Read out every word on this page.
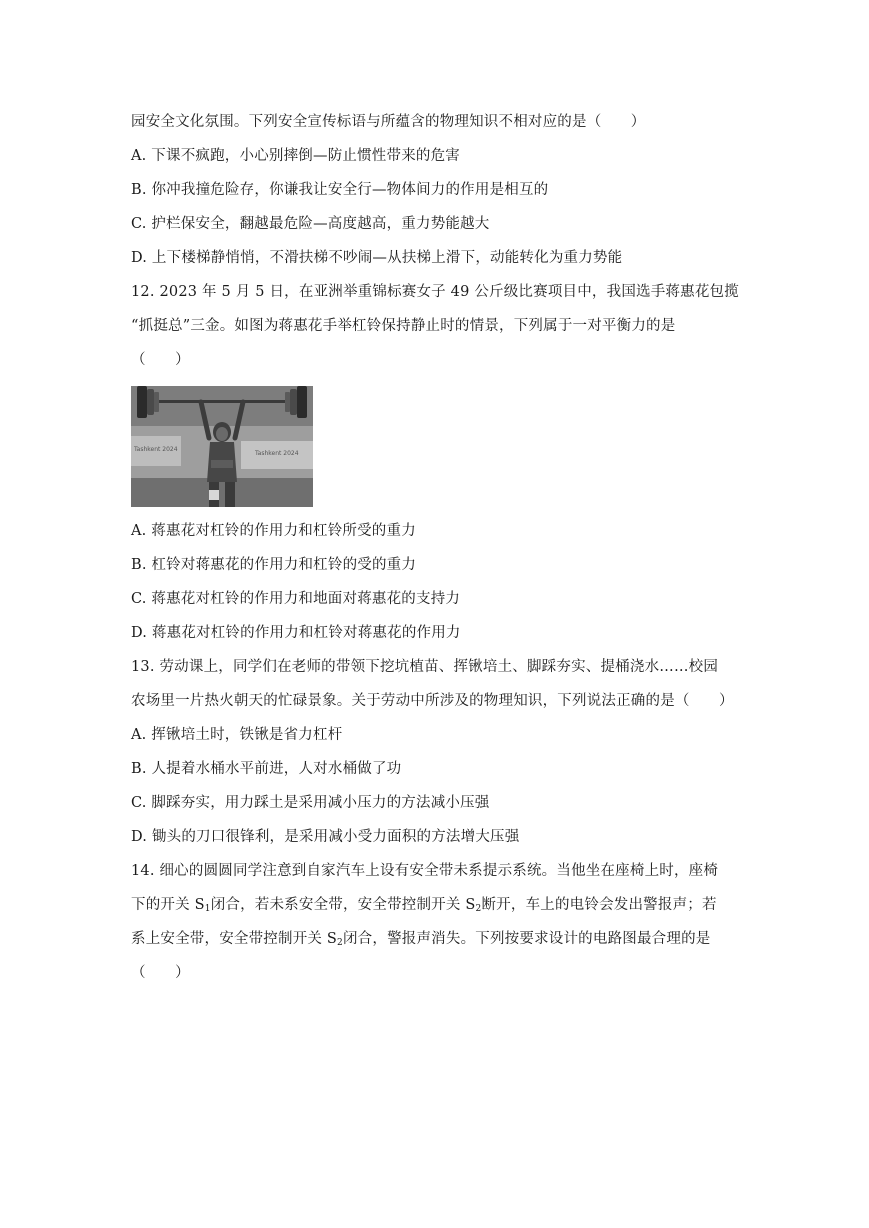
园安全文化氛围。下列安全宣传标语与所蕴含的物理知识不相对应的是（　　）
A. 下课不疯跑，小心别摔倒—防止惯性带来的危害
B. 你冲我撞危险存，你谦我让安全行—物体间力的作用是相互的
C. 护栏保安全，翻越最危险—高度越高，重力势能越大
D. 上下楼梯静悄悄，不滑扶梯不吵闹—从扶梯上滑下，动能转化为重力势能
12. 2023 年 5 月 5 日，在亚洲举重锦标赛女子 49 公斤级比赛项目中，我国选手蒋惠花包揽
“抓挺总”三金。如图为蒋惠花手举杠铃保持静止时的情景，下列属于一对平衡力的是
（　　）
Tashkent 2024
Tashkent 2024
A. 蒋惠花对杠铃的作用力和杠铃所受的重力
B. 杠铃对蒋惠花的作用力和杠铃的受的重力
C. 蒋惠花对杠铃的作用力和地面对蒋惠花的支持力
D. 蒋惠花对杠铃的作用力和杠铃对蒋惠花的作用力
13. 劳动课上，同学们在老师的带领下挖坑植苗、挥锹培土、脚踩夯实、提桶浇水……校园
农场里一片热火朝天的忙碌景象。关于劳动中所涉及的物理知识，下列说法正确的是（　　）
A. 挥锹培土时，铁锹是省力杠杆
B. 人提着水桶水平前进，人对水桶做了功
C. 脚踩夯实，用力踩土是采用减小压力的方法减小压强
D. 锄头的刀口很锋利，是采用减小受力面积的方法增大压强
14. 细心的圆圆同学注意到自家汽车上设有安全带未系提示系统。当他坐在座椅上时，座椅
下的开关 $S_1$闭合，若未系安全带，安全带控制开关 $S_2$断开，车上的电铃会发出警报声；若
系上安全带，安全带控制开关 $S_2$闭合，警报声消失。下列按要求设计的电路图最合理的是
（　　）
